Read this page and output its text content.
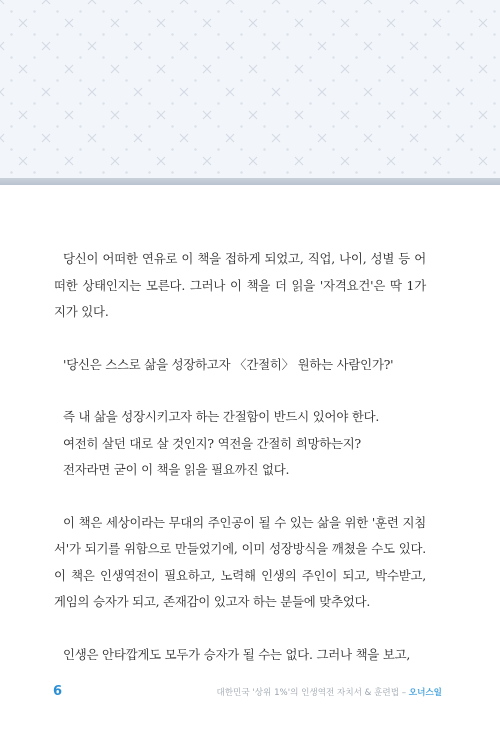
당신이 어떠한 연유로 이 책을 접하게 되었고, 직업, 나이, 성별 등 어떠한 상태인지는 모른다. 그러나 이 책을 더 읽을 '자격요건'은 딱 1가지가 있다.

'당신은 스스로 삶을 성장하고자 〈간절히〉 원하는 사람인가?'

즉 내 삶을 성장시키고자 하는 간절함이 반드시 있어야 한다.
여전히 살던 대로 살 것인지? 역전을 간절히 희망하는지?
전자라면 굳이 이 책을 읽을 필요까진 없다.

이 책은 세상이라는 무대의 주인공이 될 수 있는 삶을 위한 '훈련 지침서'가 되기를 위함으로 만들었기에, 이미 성장방식을 깨쳤을 수도 있다. 이 책은 인생역전이 필요하고, 노력해 인생의 주인이 되고, 박수받고, 게임의 승자가 되고, 존재감이 있고자 하는 분들에 맞추었다.

인생은 안타깝게도 모두가 승자가 될 수는 없다. 그러나 책을 보고,

6	대한민국 '상위 1%'의 인생역전 자치서 & 훈련법 – 오너스일
